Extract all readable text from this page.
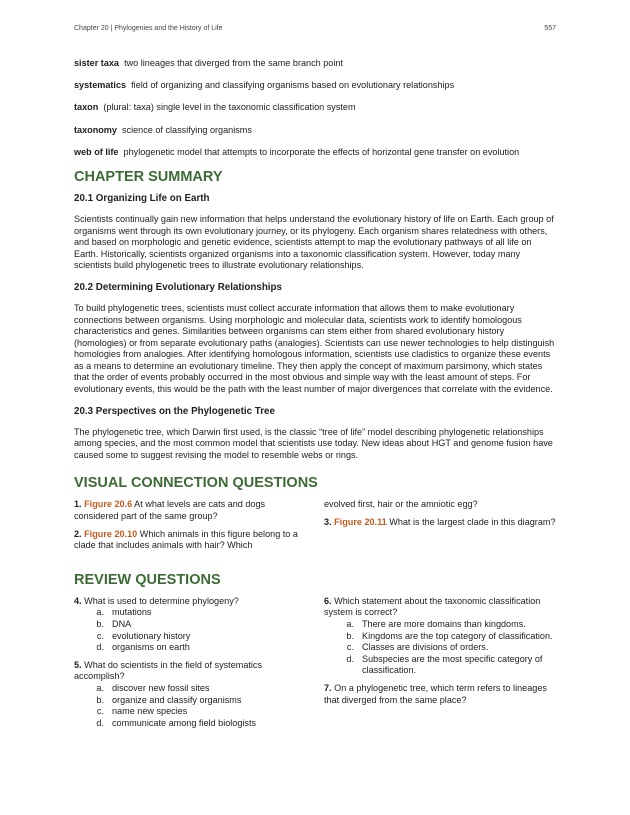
Chapter 20 | Phylogenies and the History of Life	557

sister taxa two lineages that diverged from the same branch point

systematics field of organizing and classifying organisms based on evolutionary relationships

taxon (plural: taxa) single level in the taxonomic classification system

taxonomy science of classifying organisms

web of life phylogenetic model that attempts to incorporate the effects of horizontal gene transfer on evolution

CHAPTER SUMMARY
20.1 Organizing Life on Earth

Scientists continually gain new information that helps understand the evolutionary history of life on Earth. Each group of organisms went through its own evolutionary journey, or its phylogeny. Each organism shares relatedness with others, and based on morphologic and genetic evidence, scientists attempt to map the evolutionary pathways of all life on Earth. Historically, scientists organized organisms into a taxonomic classification system. However, today many scientists build phylogenetic trees to illustrate evolutionary relationships.

20.2 Determining Evolutionary Relationships

To build phylogenetic trees, scientists must collect accurate information that allows them to make evolutionary connections between organisms. Using morphologic and molecular data, scientists work to identify homologous characteristics and genes. Similarities between organisms can stem either from shared evolutionary history (homologies) or from separate evolutionary paths (analogies). Scientists can use newer technologies to help distinguish homologies from analogies. After identifying homologous information, scientists use cladistics to organize these events as a means to determine an evolutionary timeline. They then apply the concept of maximum parsimony, which states that the order of events probably occurred in the most obvious and simple way with the least amount of steps. For evolutionary events, this would be the path with the least number of major divergences that correlate with the evidence.

20.3 Perspectives on the Phylogenetic Tree

The phylogenetic tree, which Darwin first used, is the classic “tree of life” model describing phylogenetic relationships among species, and the most common model that scientists use today. New ideas about HGT and genome fusion have caused some to suggest revising the model to resemble webs or rings.

VISUAL CONNECTION QUESTIONS

1. Figure 20.6 At what levels are cats and dogs considered part of the same group?

2. Figure 20.10 Which animals in this figure belong to a clade that includes animals with hair? Which

evolved first, hair or the amniotic egg?

3. Figure 20.11 What is the largest clade in this diagram?

REVIEW QUESTIONS

4. What is used to determine phylogeny?

a. mutations
b. DNA
c. evolutionary history
d. organisms on earth

5. What do scientists in the field of systematics accomplish?

a. discover new fossil sites
b. organize and classify organisms
c. name new species
d. communicate among field biologists

6. Which statement about the taxonomic classification system is correct?

a. There are more domains than kingdoms.
b. Kingdoms are the top category of classification.
c. Classes are divisions of orders.
d. Subspecies are the most specific category of classification.

7. On a phylogenetic tree, which term refers to lineages that diverged from the same place?
